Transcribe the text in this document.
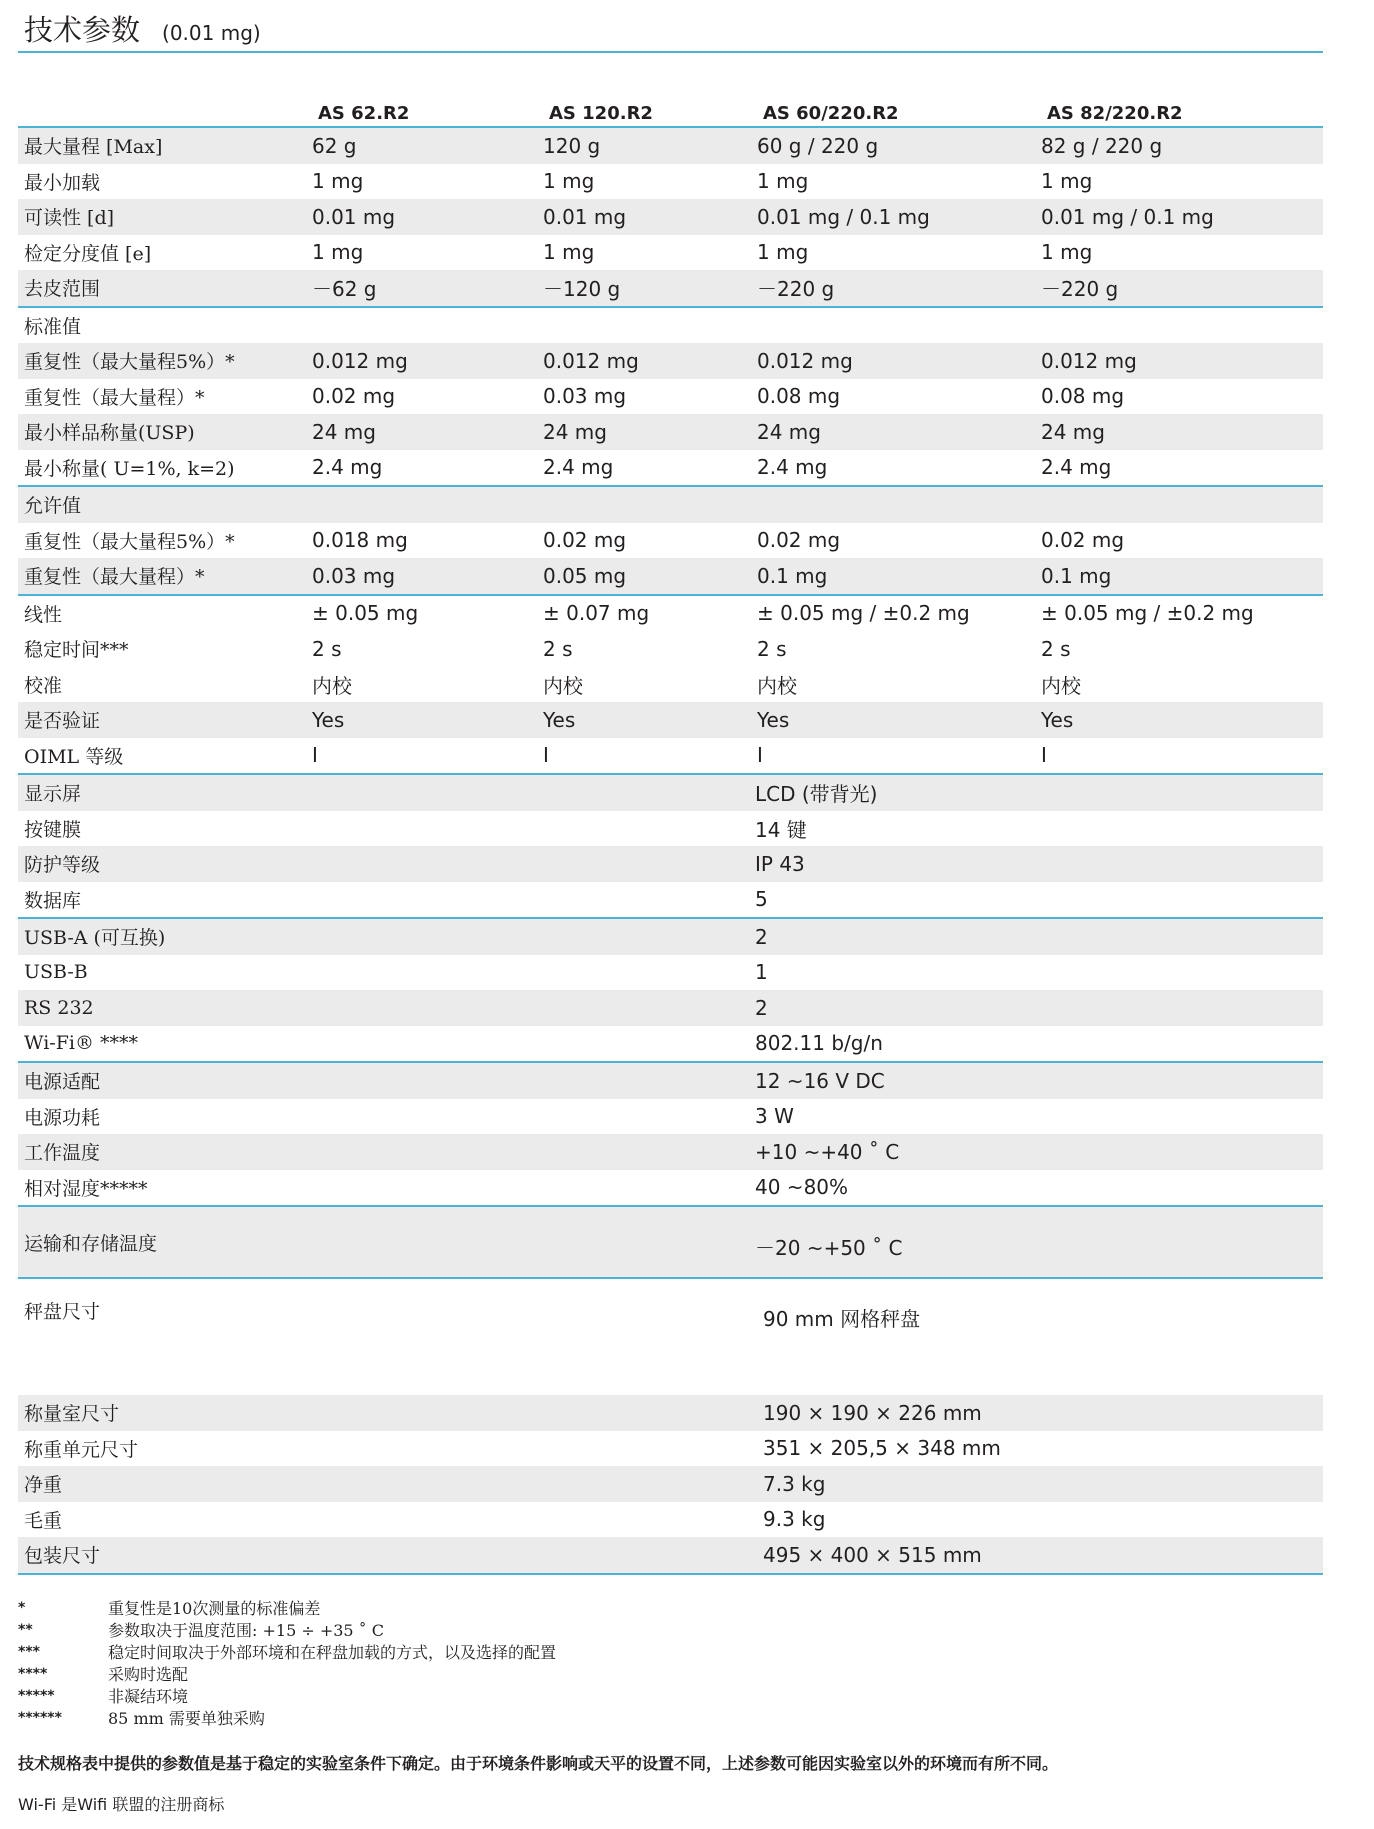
技术参数 (0.01 mg)
	AS 62.R2	AS 120.R2	AS 60/220.R2	AS 82/220.R2
最大量程 [Max]	62 g	120 g	60 g / 220 g	82 g / 220 g
最小加载	1 mg	1 mg	1 mg	1 mg
可读性 [d]	0.01 mg	0.01 mg	0.01 mg / 0.1 mg	0.01 mg / 0.1 mg
检定分度值 [e]	1 mg	1 mg	1 mg	1 mg
去皮范围	－62 g	－120 g	－220 g	－220 g
标准值				
重复性（最大量程5%）*	0.012 mg	0.012 mg	0.012 mg	0.012 mg
重复性（最大量程）*	0.02 mg	0.03 mg	0.08 mg	0.08 mg
最小样品称量(USP)	24 mg	24 mg	24 mg	24 mg
最小称量( U=1%, k=2)	2.4 mg	2.4 mg	2.4 mg	2.4 mg
允许值				
重复性（最大量程5%）*	0.018 mg	0.02 mg	0.02 mg	0.02 mg
重复性（最大量程）*	0.03 mg	0.05 mg	0.1 mg	0.1 mg
线性	± 0.05 mg	± 0.07 mg	± 0.05 mg / ±0.2 mg	± 0.05 mg / ±0.2 mg
稳定时间***	2 s	2 s	2 s	2 s
校准	内校	内校	内校	内校
是否验证	Yes	Yes	Yes	Yes
OIML 等级	I	I	I	I
显示屏			LCD (带背光)	
按键膜			14 键	
防护等级			IP 43	
数据库			5	
USB-A (可互换)			2	
USB-B			1	
RS 232			2	
Wi-Fi® ****			802.11 b/g/n	
电源适配			12 ~16 V DC	
电源功耗			3 W	
工作温度			+10 ~+40 ˚ C	
相对湿度*****			40 ~80%	
运输和存储温度			－20 ~+50 ˚ C	
秤盘尺寸			90 mm 网格秤盘	
称量室尺寸			190 × 190 × 226 mm	
称重单元尺寸			351 × 205,5 × 348 mm	
净重			7.3 kg	
毛重			9.3 kg	
包装尺寸			495 × 400 × 515 mm	
*	重复性是10次测量的标准偏差
**	参数取决于温度范围: +15 ÷ +35 ˚ C
***	稳定时间取决于外部环境和在秤盘加载的方式，以及选择的配置
****	采购时选配
*****	非凝结环境
******	85 mm 需要单独采购
技术规格表中提供的参数值是基于稳定的实验室条件下确定。由于环境条件影响或天平的设置不同，上述参数可能因实验室以外的环境而有所不同。
Wi-Fi 是Wifi 联盟的注册商标
